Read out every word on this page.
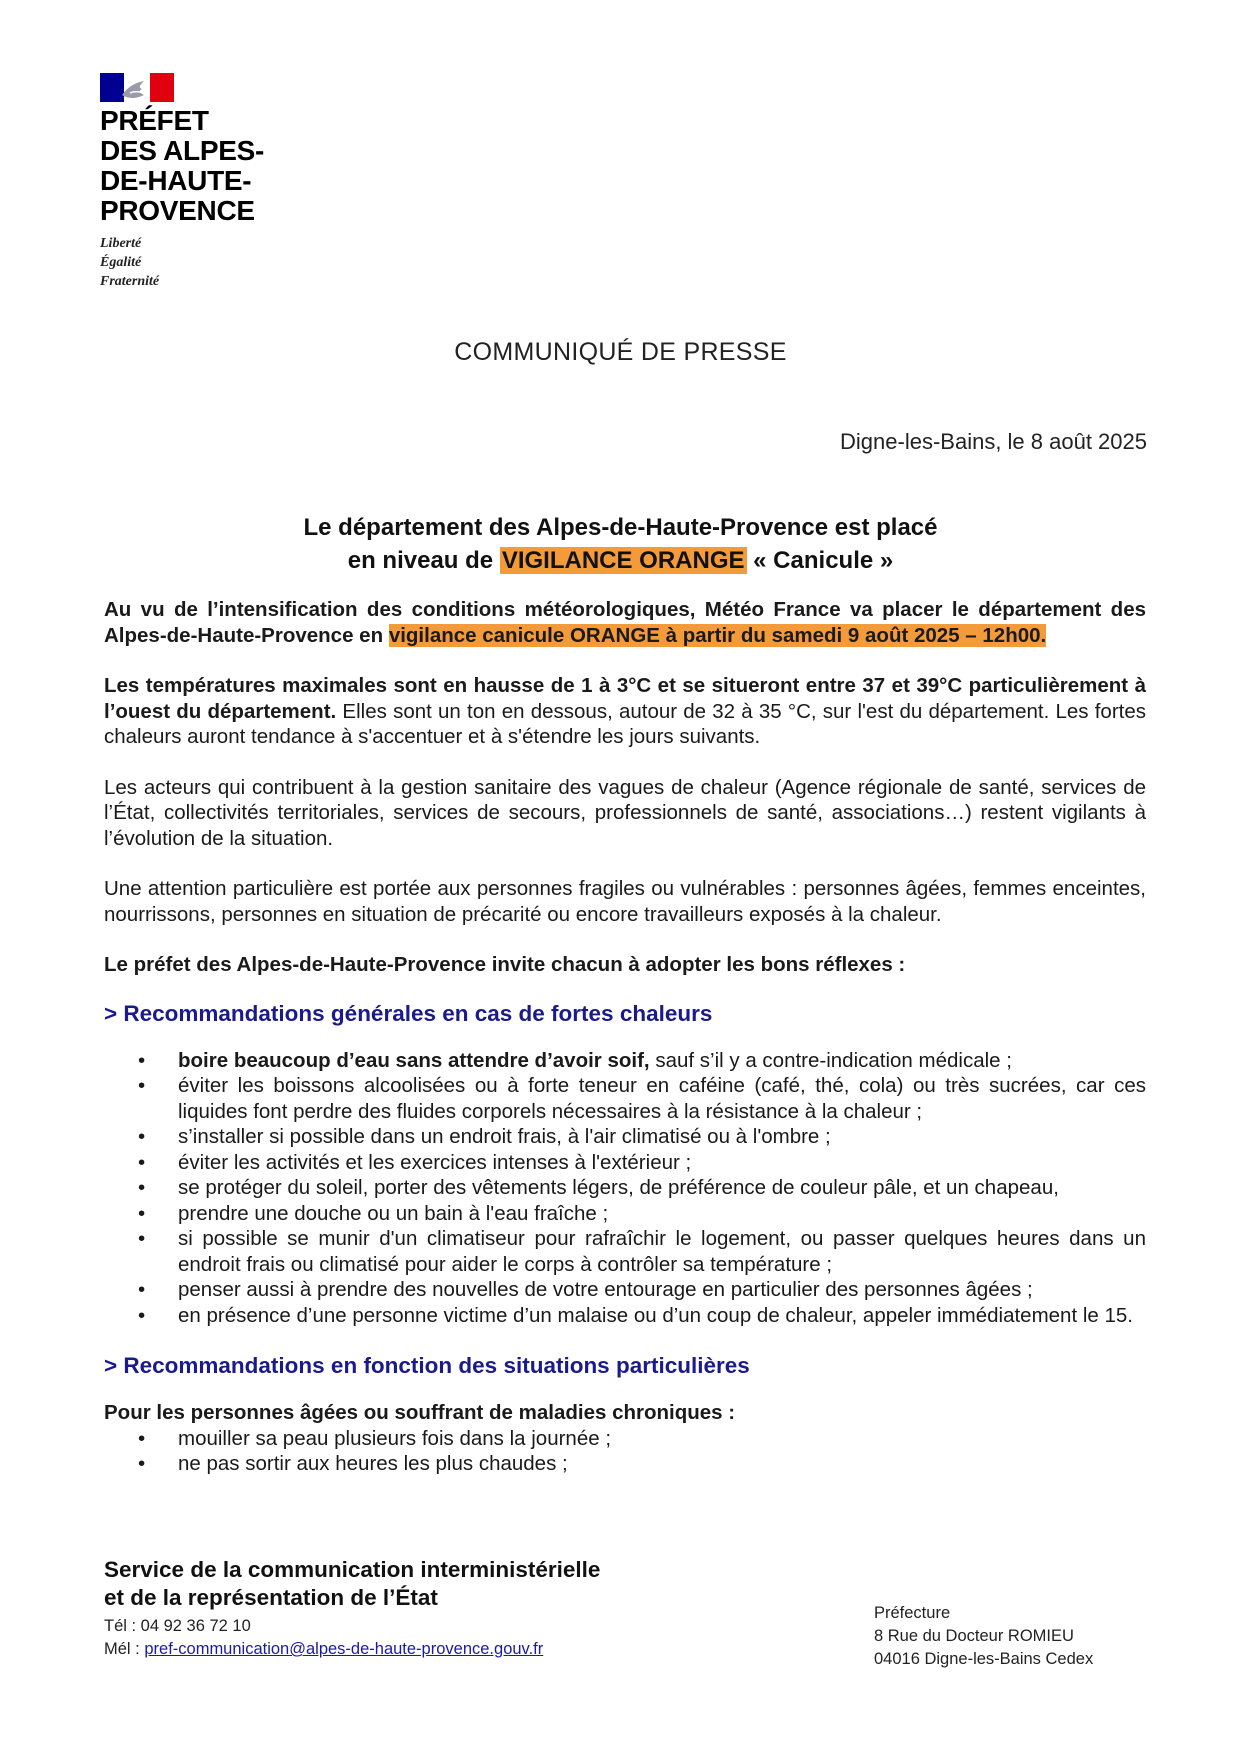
PRÉFET
DES ALPES-
DE-HAUTE-
PROVENCE
Liberté
Égalité
Fraternité
COMMUNIQUÉ DE PRESSE
Digne-les-Bains, le 8 août 2025
Le département des Alpes-de-Haute-Provence est placé
en niveau de VIGILANCE ORANGE « Canicule »

Au vu de l’intensification des conditions météorologiques, Météo France va placer le département des Alpes-de-Haute-Provence en vigilance canicule ORANGE à partir du samedi 9 août 2025 – 12h00.

Les températures maximales sont en hausse de 1 à 3°C et se situeront entre 37 et 39°C particulièrement à l’ouest du département. Elles sont un ton en dessous, autour de 32 à 35 °C, sur l'est du département. Les fortes chaleurs auront tendance à s'accentuer et à s'étendre les jours suivants.

Les acteurs qui contribuent à la gestion sanitaire des vagues de chaleur (Agence régionale de santé, services de l’État, collectivités territoriales, services de secours, professionnels de santé, associations…) restent vigilants à l’évolution de la situation.

Une attention particulière est portée aux personnes fragiles ou vulnérables : personnes âgées, femmes enceintes, nourrissons, personnes en situation de précarité ou encore travailleurs exposés à la chaleur.

Le préfet des Alpes-de-Haute-Provence invite chacun à adopter les bons réflexes :

> Recommandations générales en cas de fortes chaleurs

• boire beaucoup d’eau sans attendre d’avoir soif, sauf s’il y a contre-indication médicale ;
• éviter les boissons alcoolisées ou à forte teneur en caféine (café, thé, cola) ou très sucrées, car ces liquides font perdre des fluides corporels nécessaires à la résistance à la chaleur ;
• s’installer si possible dans un endroit frais, à l'air climatisé ou à l'ombre ;
• éviter les activités et les exercices intenses à l'extérieur ;
• se protéger du soleil, porter des vêtements légers, de préférence de couleur pâle, et un chapeau,
• prendre une douche ou un bain à l'eau fraîche ;
• si possible se munir d'un climatiseur pour rafraîchir le logement, ou passer quelques heures dans un endroit frais ou climatisé pour aider le corps à contrôler sa température ;
• penser aussi à prendre des nouvelles de votre entourage en particulier des personnes âgées ;
• en présence d’une personne victime d’un malaise ou d’un coup de chaleur, appeler immédiatement le 15.

> Recommandations en fonction des situations particulières

Pour les personnes âgées ou souffrant de maladies chroniques :

• mouiller sa peau plusieurs fois dans la journée ;
• ne pas sortir aux heures les plus chaudes ;
Service de la communication interministérielle
et de la représentation de l’État
Tél : 04 92 36 72 10
Mél : pref-communication@alpes-de-haute-provence.gouv.fr
Préfecture
8 Rue du Docteur ROMIEU
04016 Digne-les-Bains Cedex
